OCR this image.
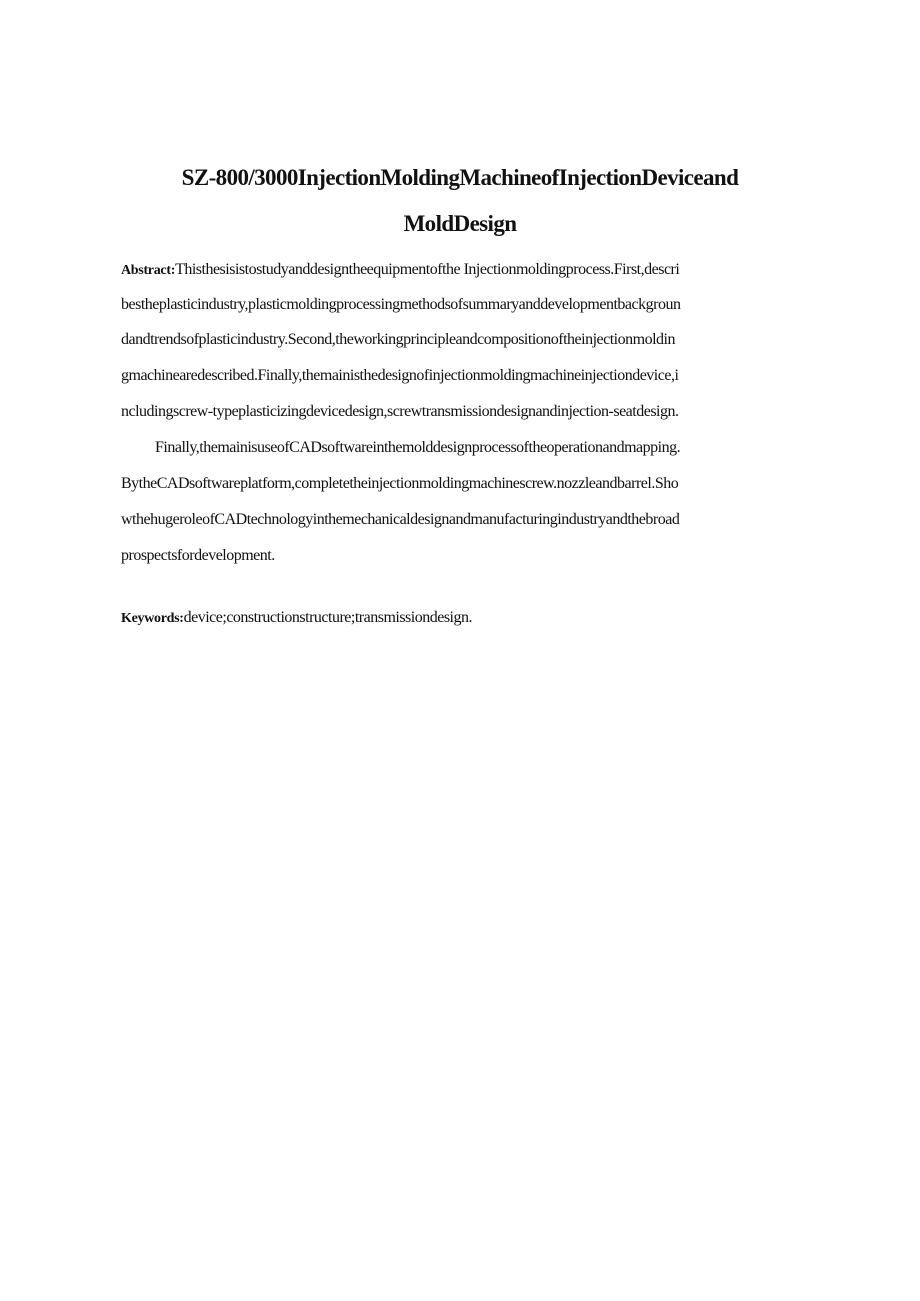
SZ-800/3000InjectionMoldingMachineofInjectionDeviceand
MoldDesign

Abstract:Thisthesisistostudyanddesigntheequipmentofthe Injectionmoldingprocess.First,descri

bestheplasticindustry,plasticmoldingprocessingmethodsofsummaryanddevelopmentbackgroun

dandtrendsofplasticindustry.Second,theworkingprincipleandcompositionoftheinjectionmoldin

gmachinearedescribed.Finally,themainisthedesignofinjectionmoldingmachineinjectiondevice,i

ncludingscrew-typeplasticizingdevicedesign,screwtransmissiondesignandinjection-seatdesign.

Finally,themainisuseofCADsoftwareinthemolddesignprocessoftheoperationandmapping.

BytheCADsoftwareplatform,completetheinjectionmoldingmachinescrew.nozzleandbarrel.Sho

wthehugeroleofCADtechnologyinthemechanicaldesignandmanufacturingindustryandthebroad

prospectsfordevelopment.

Keywords:device;constructionstructure;transmissiondesign.
